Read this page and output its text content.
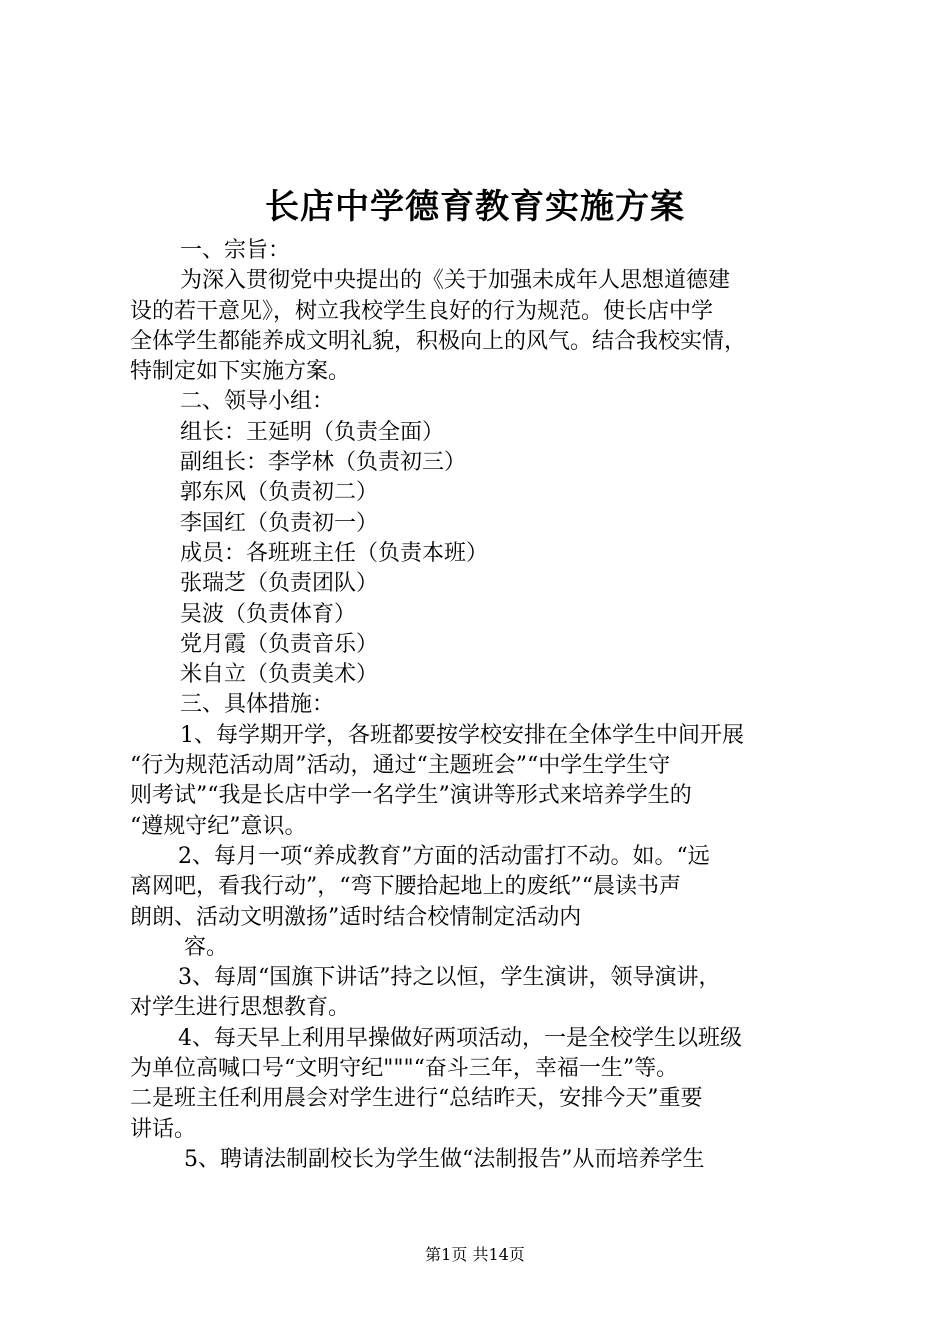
长店中学德育教育实施方案
一、宗旨：
为深入贯彻党中央提出的《关于加强未成年人思想道德建
设的若干意见》，树立我校学生良好的行为规范。使长店中学
全体学生都能养成文明礼貌，积极向上的风气。结合我校实情，
特制定如下实施方案。
二、领导小组：
组长：王延明（负责全面）
副组长：李学林（负责初三）
郭东风（负责初二）
李国红（负责初一）
成员：各班班主任（负责本班）
张瑞芝（负责团队）
吴波（负责体育）
党月霞（负责音乐）
米自立（负责美术）
三、具体措施：
1、每学期开学，各班都要按学校安排在全体学生中间开展
“行为规范活动周”活动，通过“主题班会”“中学生学生守
则考试”“我是长店中学一名学生”演讲等形式来培养学生的
“遵规守纪”意识。
2、每月一项“养成教育”方面的活动雷打不动。如。“远
离网吧，看我行动”，“弯下腰拾起地上的废纸”“晨读书声
朗朗、活动文明激扬”适时结合校情制定活动内
容。
3、每周“国旗下讲话”持之以恒，学生演讲，领导演讲，
对学生进行思想教育。
4、每天早上利用早操做好两项活动，一是全校学生以班级
为单位高喊口号“文明守纪"""“奋斗三年，幸福一生”等。
二是班主任利用晨会对学生进行“总结昨天，安排今天”重要
讲话。
5、聘请法制副校长为学生做“法制报告”从而培养学生
第1页 共14页
